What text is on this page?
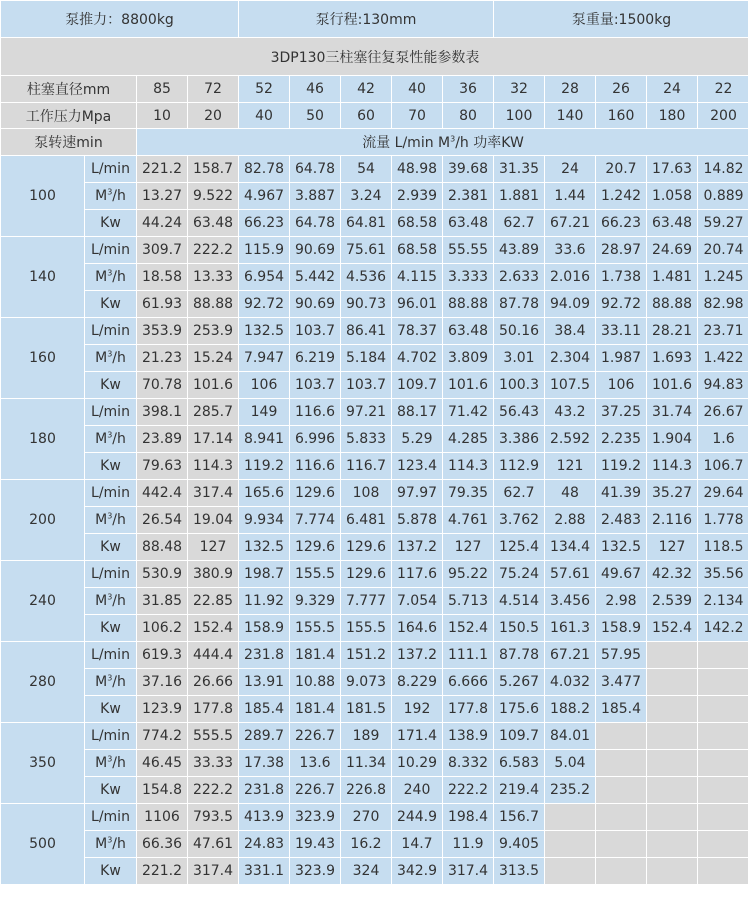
泵推力：8800kg				泵行程:130mm					泵重量:1500kg				
3DP130三柱塞往复泵性能参数表													
柱塞直径mm		85	72	52	46	42	40	36	32	28	26	24	22
工作压力Mpa		10	20	40	50	60	70	80	100	140	160	180	200
泵转速min		流量 L/min $M^3/h$ 功率KW											
100	L/min	221.2	158.7	82.78	64.78	54	48.98	39.68	31.35	24	20.7	17.63	14.82
	$M^3/h$	13.27	9.522	4.967	3.887	3.24	2.939	2.381	1.881	1.44	1.242	1.058	0.889
	Kw	44.24	63.48	66.23	64.78	64.81	68.58	63.48	62.7	67.21	66.23	63.48	59.27
140	L/min	309.7	222.2	115.9	90.69	75.61	68.58	55.55	43.89	33.6	28.97	24.69	20.74
	$M^3/h$	18.58	13.33	6.954	5.442	4.536	4.115	3.333	2.633	2.016	1.738	1.481	1.245
	Kw	61.93	88.88	92.72	90.69	90.73	96.01	88.88	87.78	94.09	92.72	88.88	82.98
160	L/min	353.9	253.9	132.5	103.7	86.41	78.37	63.48	50.16	38.4	33.11	28.21	23.71
	$M^3/h$	21.23	15.24	7.947	6.219	5.184	4.702	3.809	3.01	2.304	1.987	1.693	1.422
	Kw	70.78	101.6	106	103.7	103.7	109.7	101.6	100.3	107.5	106	101.6	94.83
180	L/min	398.1	285.7	149	116.6	97.21	88.17	71.42	56.43	43.2	37.25	31.74	26.67
	$M^3/h$	23.89	17.14	8.941	6.996	5.833	5.29	4.285	3.386	2.592	2.235	1.904	1.6
	Kw	79.63	114.3	119.2	116.6	116.7	123.4	114.3	112.9	121	119.2	114.3	106.7
200	L/min	442.4	317.4	165.6	129.6	108	97.97	79.35	62.7	48	41.39	35.27	29.64
	$M^3/h$	26.54	19.04	9.934	7.774	6.481	5.878	4.761	3.762	2.88	2.483	2.116	1.778
	Kw	88.48	127	132.5	129.6	129.6	137.2	127	125.4	134.4	132.5	127	118.5
240	L/min	530.9	380.9	198.7	155.5	129.6	117.6	95.22	75.24	57.61	49.67	42.32	35.56
	$M^3/h$	31.85	22.85	11.92	9.329	7.777	7.054	5.713	4.514	3.456	2.98	2.539	2.134
	Kw	106.2	152.4	158.9	155.5	155.5	164.6	152.4	150.5	161.3	158.9	152.4	142.2
280	L/min	619.3	444.4	231.8	181.4	151.2	137.2	111.1	87.78	67.21	57.95		
	$M^3/h$	37.16	26.66	13.91	10.88	9.073	8.229	6.666	5.267	4.032	3.477		
	Kw	123.9	177.8	185.4	181.4	181.5	192	177.8	175.6	188.2	185.4		
350	L/min	774.2	555.5	289.7	226.7	189	171.4	138.9	109.7	84.01			
	$M^3/h$	46.45	33.33	17.38	13.6	11.34	10.29	8.332	6.583	5.04			
	Kw	154.8	222.2	231.8	226.7	226.8	240	222.2	219.4	235.2			
500	L/min	1106	793.5	413.9	323.9	270	244.9	198.4	156.7				
	$M^3/h$	66.36	47.61	24.83	19.43	16.2	14.7	11.9	9.405				
	Kw	221.2	317.4	331.1	323.9	324	342.9	317.4	313.5				
